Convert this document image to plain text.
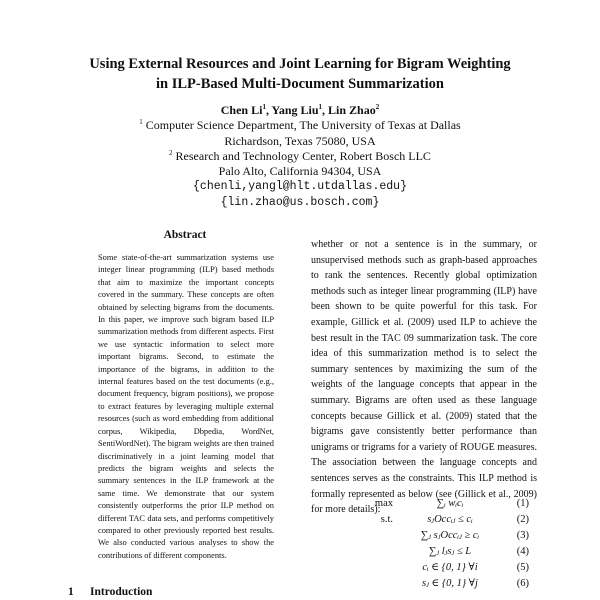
Using External Resources and Joint Learning for Bigram Weighting
in ILP-Based Multi-Document Summarization
Chen Li$^1$, Yang Liu$^1$, Lin Zhao$^2$
$^1$ Computer Science Department, The University of Texas at Dallas
Richardson, Texas 75080, USA
$^2$ Research and Technology Center, Robert Bosch LLC
Palo Alto, California 94304, USA
{chenli,yangl@hlt.utdallas.edu}
{lin.zhao@us.bosch.com}
Abstract
Some state-of-the-art summarization systems use integer linear programming (ILP) based methods that aim to maximize the important concepts covered in the summary. These concepts are often obtained by selecting bigrams from the documents. In this paper, we improve such bigram based ILP summarization methods from different aspects. First we use syntactic information to select more important bigrams. Second, to estimate the importance of the bigrams, in addition to the internal features based on the test documents (e.g., document frequency, bigram positions), we propose to extract features by leveraging multiple external resources (such as word embedding from additional corpus, Wikipedia, Dbpedia, WordNet, SentiWordNet). The bigram weights are then trained discriminatively in a joint learning model that predicts the bigram weights and selects the summary sentences in the ILP framework at the same time. We demonstrate that our system consistently outperforms the prior ILP method on different TAC data sets, and performs competitively compared to other previously reported best results. We also conducted various analyses to show the contributions of different components.
whether or not a sentence is in the summary, or unsupervised methods such as graph-based approaches to rank the sentences. Recently global optimization methods such as integer linear programming (ILP) have been shown to be quite powerful for this task. For example, Gillick et al. (2009) used ILP to achieve the best result in the TAC 09 summarization task. The core idea of this summarization method is to select the summary sentences by maximizing the sum of the weights of the language concepts that appear in the summary. Bigrams are often used as these language concepts because Gillick et al. (2009) stated that the bigrams gave consistently better performance than unigrams or trigrams for a variety of ROUGE measures. The association between the language concepts and sentences serves as the constraints. This ILP method is formally represented as below (see (Gillick et al., 2009) for more details):
max	∑ᵢ wᵢcᵢ	(1)
s.t.	sⱼOccᵢⱼ ≤ cᵢ	(2)
∑ⱼ sⱼOccᵢⱼ ≥ cᵢ	(3)
∑ⱼ lⱼsⱼ ≤ L	(4)
cᵢ ∈ {0, 1} ∀i	(5)
sⱼ ∈ {0, 1} ∀j	(6)
1 Introduction
